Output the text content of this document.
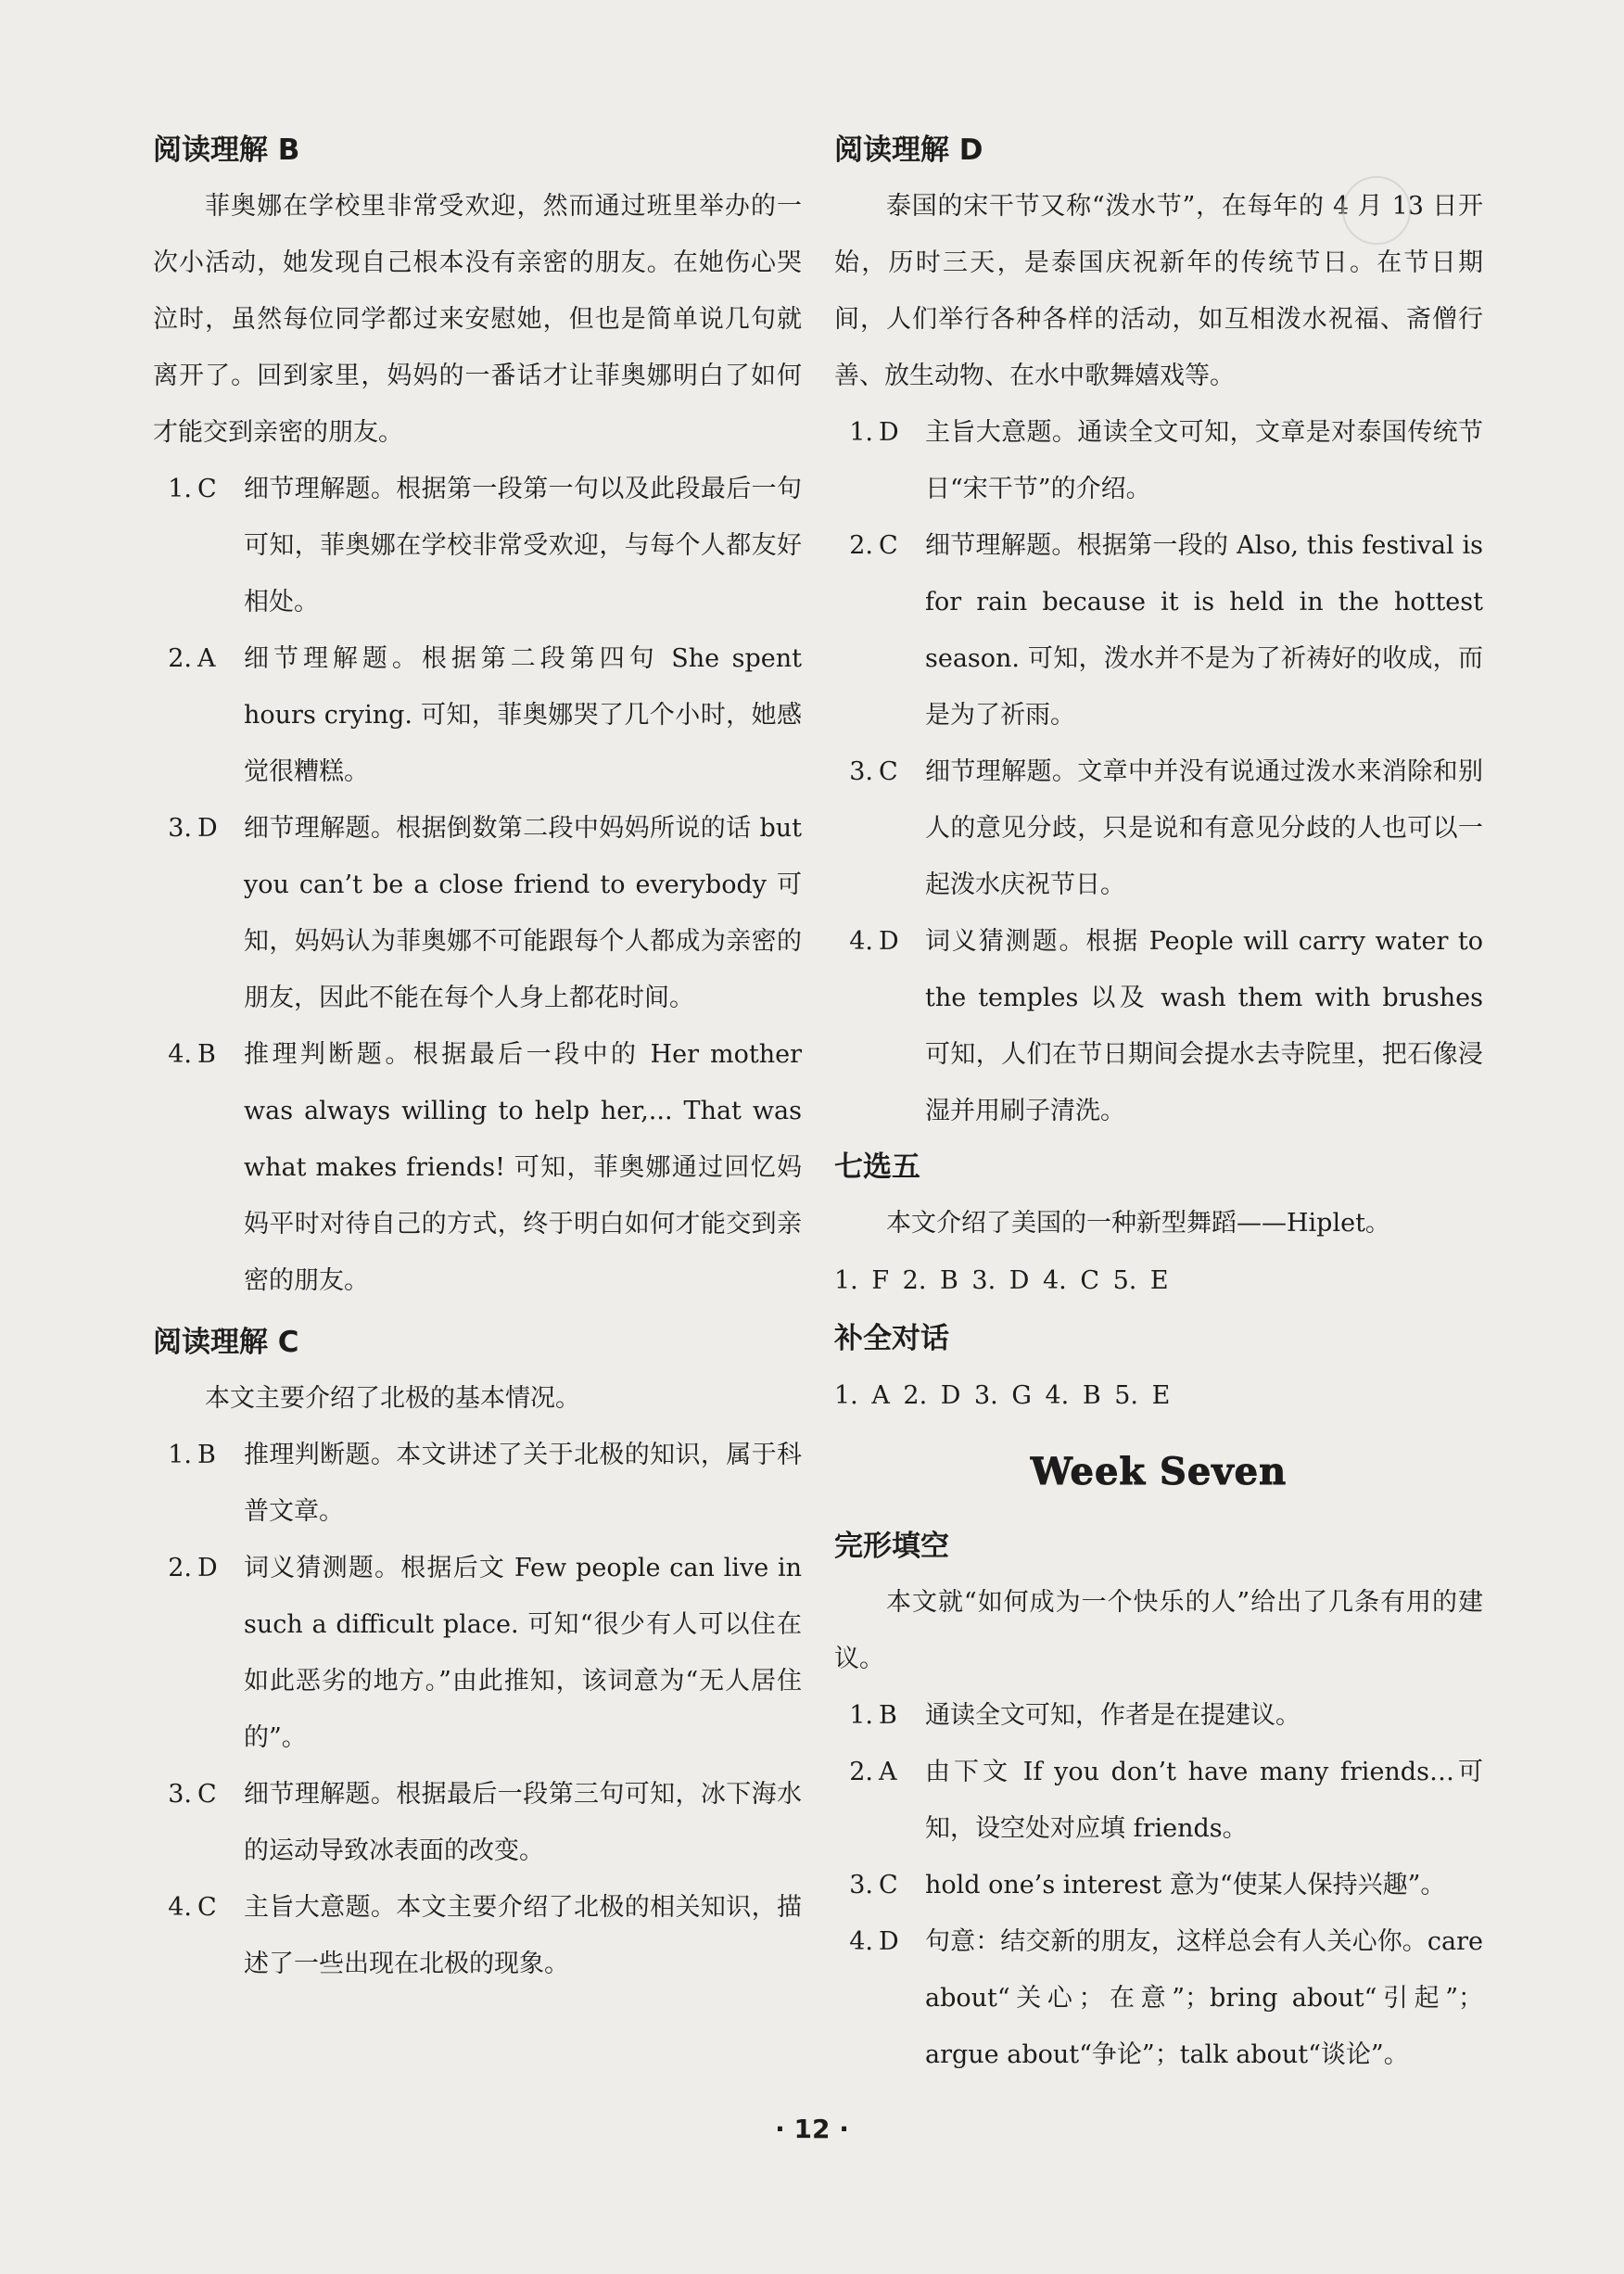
阅读理解 B

菲奥娜在学校里非常受欢迎，然而通过班里举办的一次小活动，她发现自己根本没有亲密的朋友。在她伤心哭泣时，虽然每位同学都过来安慰她，但也是简单说几句就离开了。回到家里，妈妈的一番话才让菲奥娜明白了如何才能交到亲密的朋友。

1. C	细节理解题。根据第一段第一句以及此段最后一句可知，菲奥娜在学校非常受欢迎，与每个人都友好相处。
2. A	细节理解题。根据第二段第四句 She spent hours crying. 可知，菲奥娜哭了几个小时，她感觉很糟糕。
3. D	细节理解题。根据倒数第二段中妈妈所说的话 but you can’t be a close friend to everybody 可知，妈妈认为菲奥娜不可能跟每个人都成为亲密的朋友，因此不能在每个人身上都花时间。
4. B	推理判断题。根据最后一段中的 Her mother was always willing to help her,... That was what makes friends! 可知，菲奥娜通过回忆妈妈平时对待自己的方式，终于明白如何才能交到亲密的朋友。
阅读理解 C

本文主要介绍了北极的基本情况。

1. B	推理判断题。本文讲述了关于北极的知识，属于科普文章。
2. D	词义猜测题。根据后文 Few people can live in such a difficult place. 可知“很少有人可以住在如此恶劣的地方。”由此推知，该词意为“无人居住的”。
3. C	细节理解题。根据最后一段第三句可知，冰下海水的运动导致冰表面的改变。
4. C	主旨大意题。本文主要介绍了北极的相关知识，描述了一些出现在北极的现象。
阅读理解 D

泰国的宋干节又称“泼水节”，在每年的 4 月 13 日开始，历时三天，是泰国庆祝新年的传统节日。在节日期间，人们举行各种各样的活动，如互相泼水祝福、斋僧行善、放生动物、在水中歌舞嬉戏等。

1. D	主旨大意题。通读全文可知，文章是对泰国传统节日“宋干节”的介绍。
2. C	细节理解题。根据第一段的 Also, this festival is for rain because it is held in the hottest season. 可知，泼水并不是为了祈祷好的收成，而是为了祈雨。
3. C	细节理解题。文章中并没有说通过泼水来消除和别人的意见分歧，只是说和有意见分歧的人也可以一起泼水庆祝节日。
4. D	词义猜测题。根据 People will carry water to the temples 以及 wash them with brushes 可知，人们在节日期间会提水去寺院里，把石像浸湿并用刷子清洗。
七选五

本文介绍了美国的一种新型舞蹈——Hiplet。

1. F 2. B 3. D 4. C 5. E

补全对话

1. A 2. D 3. G 4. B 5. E

Week Seven
完形填空

本文就“如何成为一个快乐的人”给出了几条有用的建议。

1. B	通读全文可知，作者是在提建议。
2. A	由下文 If you don’t have many friends…可知，设空处对应填 friends。
3. C	hold one’s interest 意为“使某人保持兴趣”。
4. D	句意：结交新的朋友，这样总会有人关心你。care about“关心；在意”；bring about“引起”；argue about“争论”；talk about“谈论”。
· 12 ·
